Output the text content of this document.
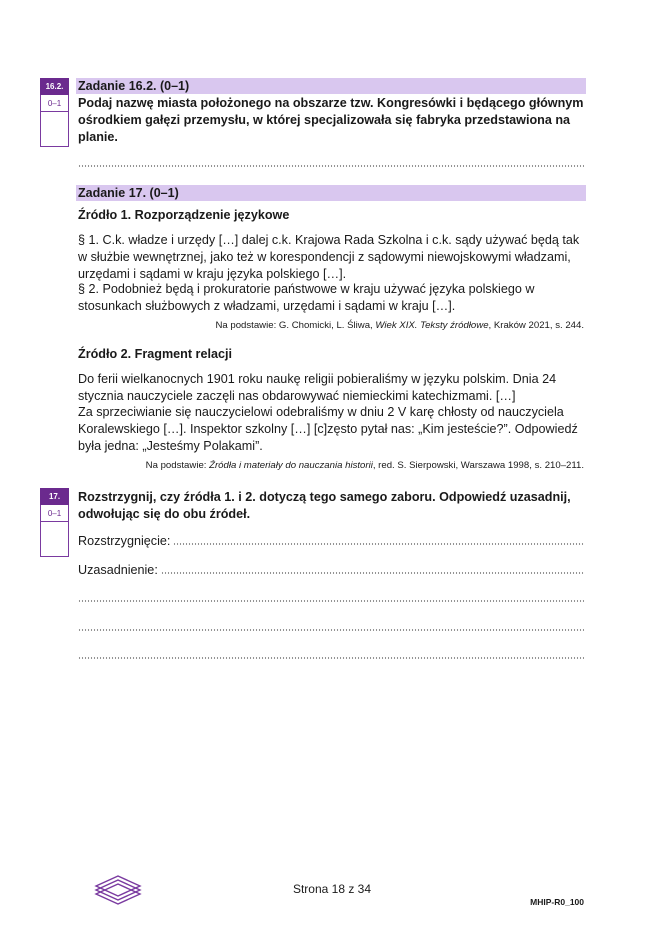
16.2.
0–1
Zadanie 16.2. (0–1)
Podaj nazwę miasta położonego na obszarze tzw. Kongresówki i będącego głównym ośrodkiem gałęzi przemysłu, w której specjalizowała się fabryka przedstawiona na planie.
Zadanie 17. (0–1)
Źródło 1. Rozporządzenie językowe
§ 1. C.k. władze i urzędy […] dalej c.k. Krajowa Rada Szkolna i c.k. sądy używać będą tak w służbie wewnętrznej, jako też w korespondencji z sądowymi niewojskowymi władzami, urzędami i sądami w kraju języka polskiego […].
§ 2. Podobnież będą i prokuratorie państwowe w kraju używać języka polskiego w stosunkach służbowych z władzami, urzędami i sądami w kraju […].
Na podstawie: G. Chomicki, L. Śliwa, Wiek XIX. Teksty źródłowe, Kraków 2021, s. 244.
Źródło 2. Fragment relacji
Do ferii wielkanocnych 1901 roku naukę religii pobieraliśmy w języku polskim. Dnia 24 stycznia nauczyciele zaczęli nas obdarowywać niemieckimi katechizmami. […]
Za sprzeciwianie się nauczycielowi odebraliśmy w dniu 2 V karę chłosty od nauczyciela Koralewskiego […]. Inspektor szkolny […] [c]zęsto pytał nas: „Kim jesteście?”. Odpowiedź była jedna: „Jesteśmy Polakami”.
Na podstawie: Źródła i materiały do nauczania historii, red. S. Sierpowski, Warszawa 1998, s. 210–211.
17.
0–1
Rozstrzygnij, czy źródła 1. i 2. dotyczą tego samego zaboru. Odpowiedź uzasadnij, odwołując się do obu źródeł.
Rozstrzygnięcie:
Uzasadnienie:
Strona 18 z 34
MHIP-R0_100
